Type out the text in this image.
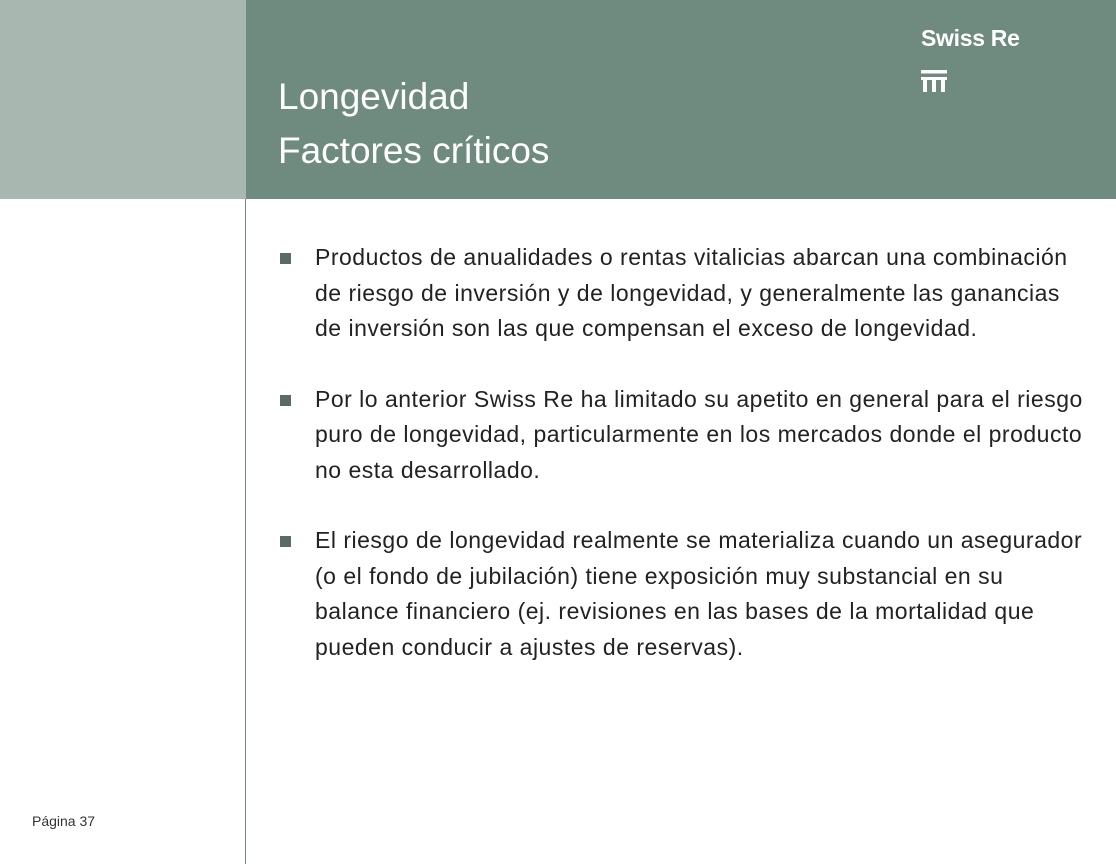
Longevidad
Factores críticos
Swiss Re
Productos de anualidades o rentas vitalicias abarcan una combinación de riesgo de inversión y de longevidad, y generalmente las ganancias de inversión son las que compensan el exceso de longevidad.
Por lo anterior Swiss Re ha limitado su apetito en general para el riesgo puro de longevidad, particularmente en los mercados donde el producto no esta desarrollado.
El riesgo de longevidad realmente se materializa cuando un asegurador (o el fondo de jubilación) tiene exposición muy substancial en su balance financiero (ej. revisiones en las bases de la mortalidad que pueden conducir a ajustes de reservas).
Página 37
